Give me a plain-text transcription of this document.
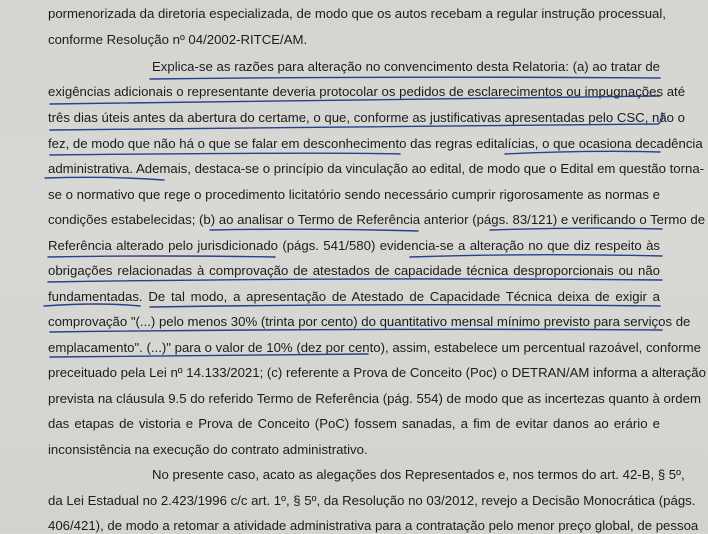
pormenorizada da diretoria especializada, de modo que os autos recebam a regular instrução processual,
conforme Resolução nº 04/2002-RITCE/AM.
Explica-se as razões para alteração no convencimento desta Relatoria: (a) ao tratar de
exigências adicionais o representante deveria protocolar os pedidos de esclarecimentos ou impugnações até
três dias úteis antes da abertura do certame, o que, conforme as justificativas apresentadas pelo CSC, não o
fez, de modo que não há o que se falar em desconhecimento das regras editalícias, o que ocasiona decadência
administrativa. Ademais, destaca-se o princípio da vinculação ao edital, de modo que o Edital em questão torna-
se o normativo que rege o procedimento licitatório sendo necessário cumprir rigorosamente as normas e
condições estabelecidas; (b) ao analisar o Termo de Referência anterior (págs. 83/121) e verificando o Termo de
Referência alterado pelo jurisdicionado (págs. 541/580) evidencia-se a alteração no que diz respeito às
obrigações relacionadas à comprovação de atestados de capacidade técnica desproporcionais ou não
fundamentadas. De tal modo, a apresentação de Atestado de Capacidade Técnica deixa de exigir a
comprovação "(...) pelo menos 30% (trinta por cento) do quantitativo mensal mínimo previsto para serviços de
emplacamento". (...)" para o valor de 10% (dez por cento), assim, estabelece um percentual razoável, conforme
preceituado pela Lei nº 14.133/2021; (c) referente a Prova de Conceito (Poc) o DETRAN/AM informa a alteração
prevista na cláusula 9.5 do referido Termo de Referência (pág. 554) de modo que as incertezas quanto à ordem
das etapas de vistoria e Prova de Conceito (PoC) fossem sanadas, a fim de evitar danos ao erário e
inconsistência na execução do contrato administrativo.
No presente caso, acato as alegações dos Representados e, nos termos do art. 42-B, § 5º,
da Lei Estadual no 2.423/1996 c/c art. 1º, § 5º, da Resolução no 03/2012, revejo a Decisão Monocrática (págs.
406/421), de modo a retomar a atividade administrativa para a contratação pelo menor preço global, de pessoa
